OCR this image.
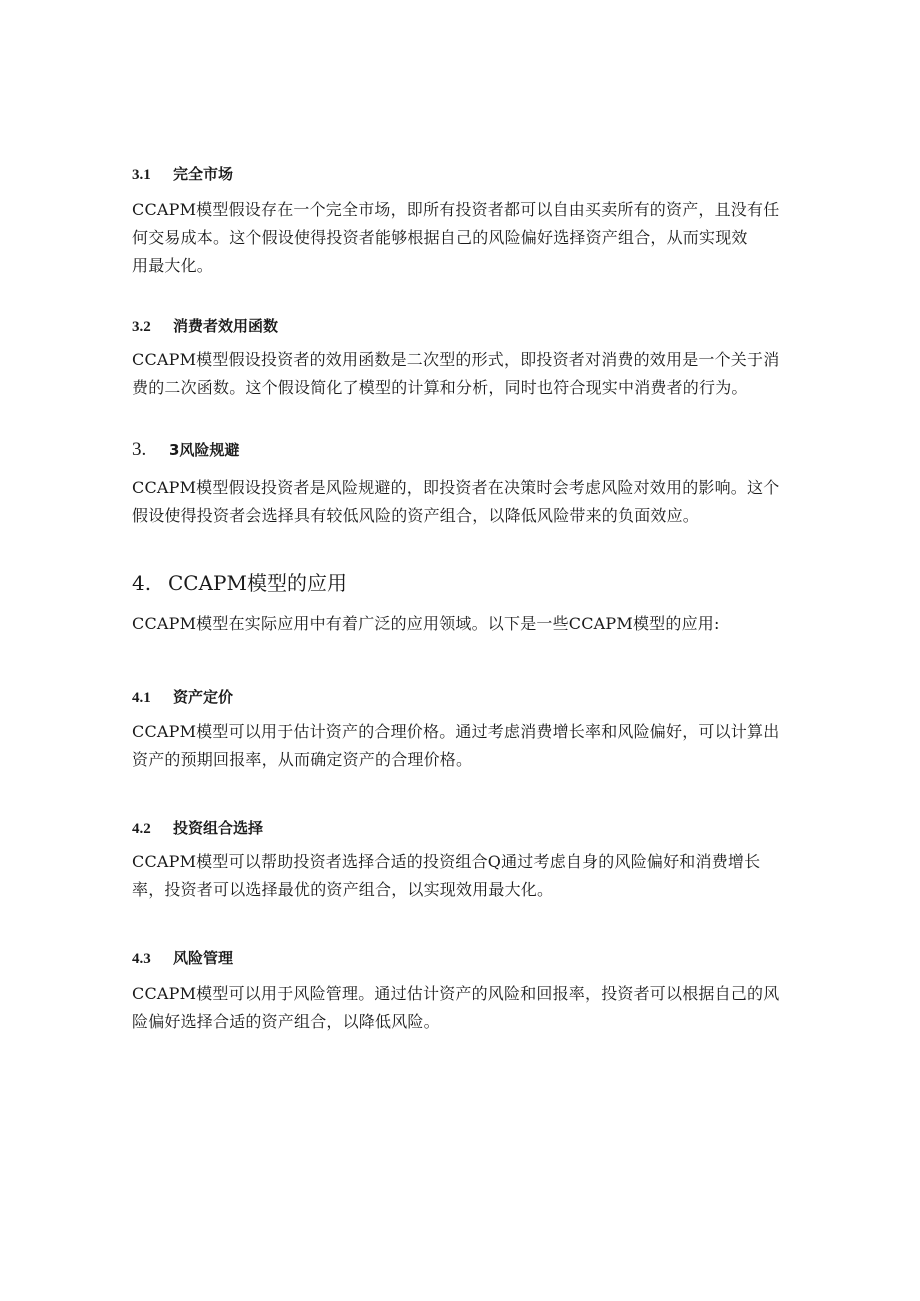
3.1 完全市场
CCAPM模型假设存在一个完全市场，即所有投资者都可以自由买卖所有的资产，且没有任
何交易成本。这个假设使得投资者能够根据自己的风险偏好选择资产组合，从而实现效
用最大化。
3.2 消费者效用函数
CCAPM模型假设投资者的效用函数是二次型的形式，即投资者对消费的效用是一个关于消
费的二次函数。这个假设简化了模型的计算和分析，同时也符合现实中消费者的行为。
3. 3风险规避
CCAPM模型假设投资者是风险规避的，即投资者在决策时会考虑风险对效用的影响。这个
假设使得投资者会选择具有较低风险的资产组合，以降低风险带来的负面效应。
4. CCAPM模型的应用
CCAPM模型在实际应用中有着广泛的应用领域。以下是一些CCAPM模型的应用:
4.1 资产定价
CCAPM模型可以用于估计资产的合理价格。通过考虑消费增长率和风险偏好，可以计算出
资产的预期回报率，从而确定资产的合理价格。
4.2 投资组合选择
CCAPM模型可以帮助投资者选择合适的投资组合Q通过考虑自身的风险偏好和消费增长
率，投资者可以选择最优的资产组合，以实现效用最大化。
4.3 风险管理
CCAPM模型可以用于风险管理。通过估计资产的风险和回报率，投资者可以根据自己的风
险偏好选择合适的资产组合，以降低风险。
